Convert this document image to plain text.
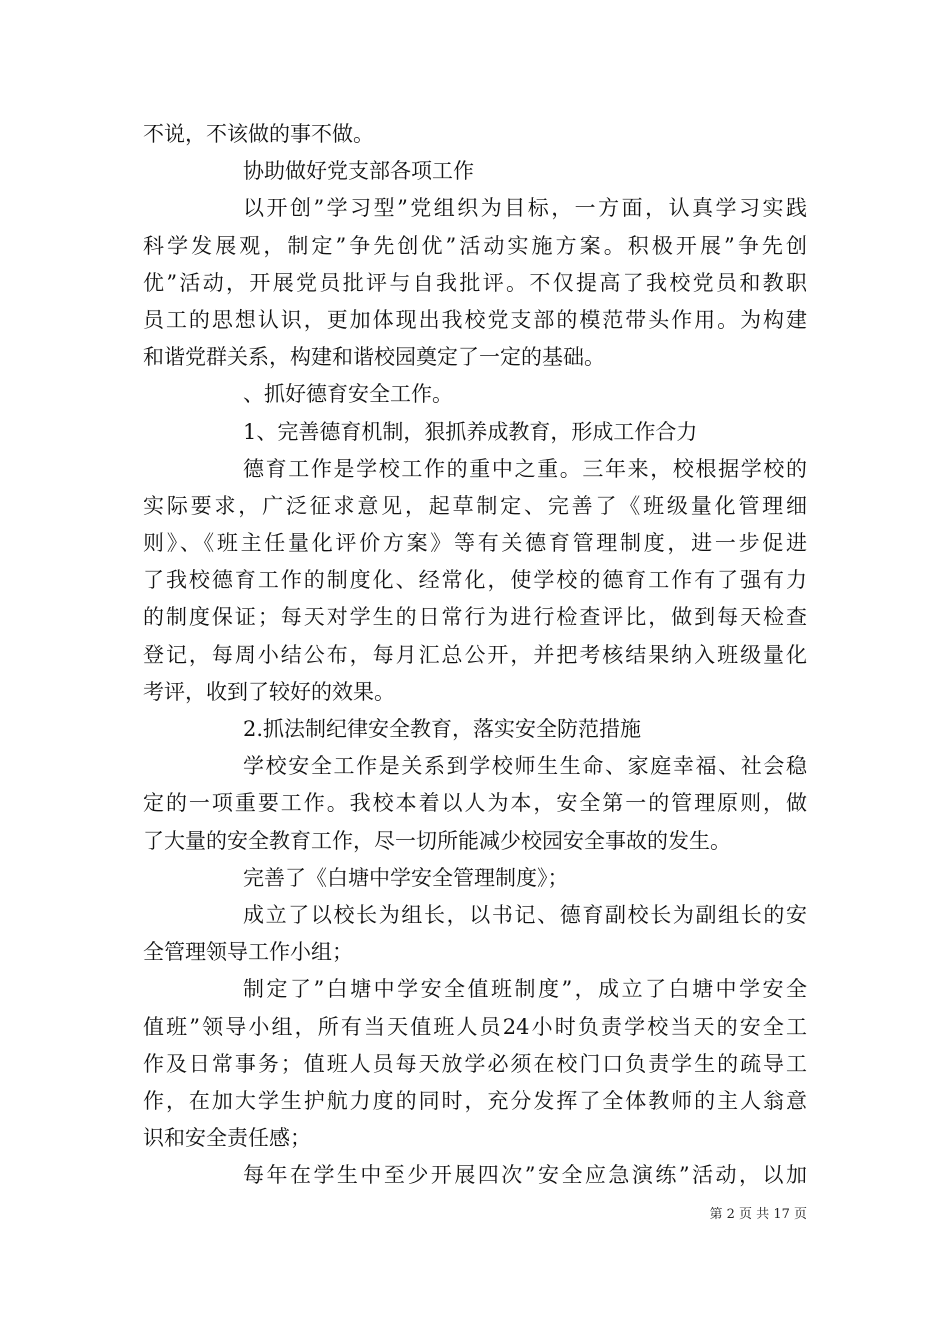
不说，不该做的事不做。
协助做好党支部各项工作
以开创”学习型”党组织为目标，一方面，认真学习实践
科学发展观，制定”争先创优”活动实施方案。积极开展”争先创
优”活动，开展党员批评与自我批评。不仅提高了我校党员和教职
员工的思想认识，更加体现出我校党支部的模范带头作用。为构建
和谐党群关系，构建和谐校园奠定了一定的基础。
、抓好德育安全工作。
1、完善德育机制，狠抓养成教育，形成工作合力
德育工作是学校工作的重中之重。三年来，校根据学校的
实际要求，广泛征求意见，起草制定、完善了《班级量化管理细
则》、《班主任量化评价方案》等有关德育管理制度，进一步促进
了我校德育工作的制度化、经常化，使学校的德育工作有了强有力
的制度保证；每天对学生的日常行为进行检查评比，做到每天检查
登记，每周小结公布，每月汇总公开，并把考核结果纳入班级量化
考评，收到了较好的效果。
2.抓法制纪律安全教育，落实安全防范措施
学校安全工作是关系到学校师生生命、家庭幸福、社会稳
定的一项重要工作。我校本着以人为本，安全第一的管理原则，做
了大量的安全教育工作，尽一切所能减少校园安全事故的发生。
完善了《白塘中学安全管理制度》；
成立了以校长为组长，以书记、德育副校长为副组长的安
全管理领导工作小组；
制定了”白塘中学安全值班制度”，成立了白塘中学安全
值班”领导小组，所有当天值班人员24小时负责学校当天的安全工
作及日常事务；值班人员每天放学必须在校门口负责学生的疏导工
作，在加大学生护航力度的同时，充分发挥了全体教师的主人翁意
识和安全责任感；
每年在学生中至少开展四次”安全应急演练”活动，以加
第 2 页 共 17 页
